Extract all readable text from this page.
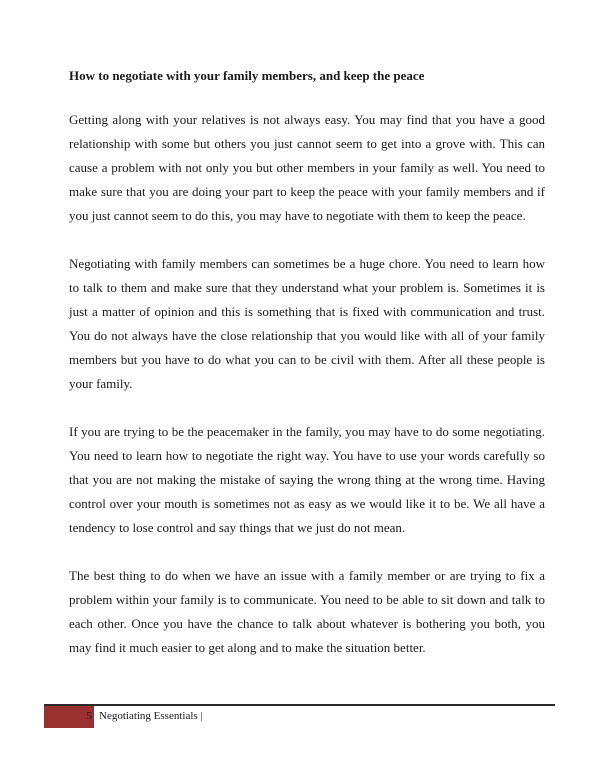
How to negotiate with your family members, and keep the peace

Getting along with your relatives is not always easy. You may find that you have a good relationship with some but others you just cannot seem to get into a grove with. This can cause a problem with not only you but other members in your family as well. You need to make sure that you are doing your part to keep the peace with your family members and if you just cannot seem to do this, you may have to negotiate with them to keep the peace.

Negotiating with family members can sometimes be a huge chore. You need to learn how to talk to them and make sure that they understand what your problem is. Sometimes it is just a matter of opinion and this is something that is fixed with communication and trust. You do not always have the close relationship that you would like with all of your family members but you have to do what you can to be civil with them. After all these people is your family.

If you are trying to be the peacemaker in the family, you may have to do some negotiating. You need to learn how to negotiate the right way. You have to use your words carefully so that you are not making the mistake of saying the wrong thing at the wrong time. Having control over your mouth is sometimes not as easy as we would like it to be. We all have a tendency to lose control and say things that we just do not mean.

The best thing to do when we have an issue with a family member or are trying to fix a problem within your family is to communicate. You need to be able to sit down and talk to each other. Once you have the chance to talk about whatever is bothering you both, you may find it much easier to get along and to make the situation better.

5 Negotiating Essentials |
